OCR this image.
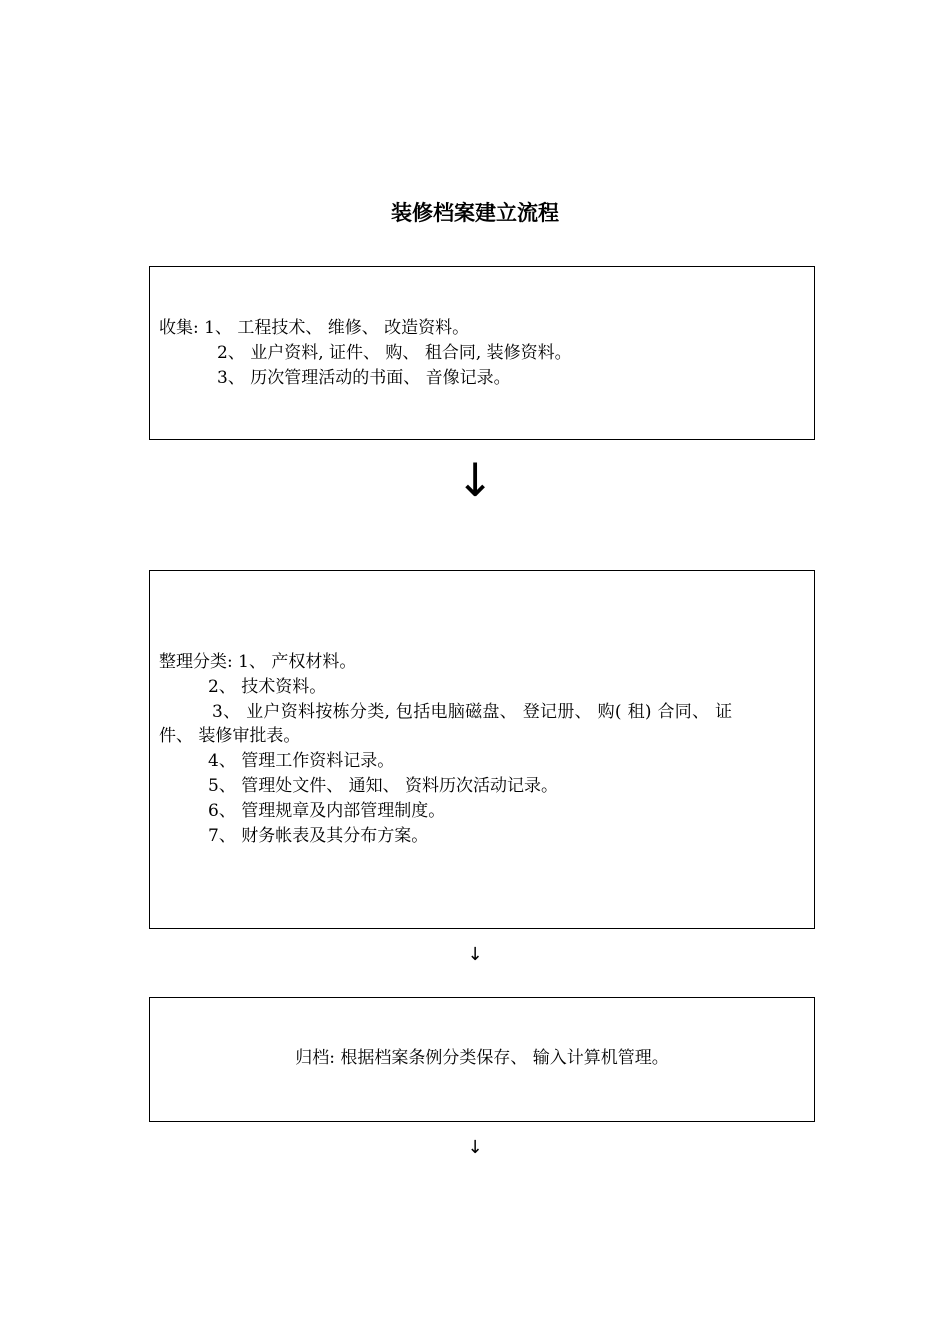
装修档案建立流程
收集: 1、 工程技术、 维修、 改造资料。
2、 业户资料, 证件、 购、 租合同, 装修资料。
3、 历次管理活动的书面、 音像记录。
↓
整理分类: 1、 产权材料。
2、 技术资料。
3、 业户资料按栋分类, 包括电脑磁盘、 登记册、 购( 租) 合同、 证
件、 装修审批表。
4、 管理工作资料记录。
5、 管理处文件、 通知、 资料历次活动记录。
6、 管理规章及内部管理制度。
7、 财务帐表及其分布方案。
↓
归档: 根据档案条例分类保存、 输入计算机管理。
↓
